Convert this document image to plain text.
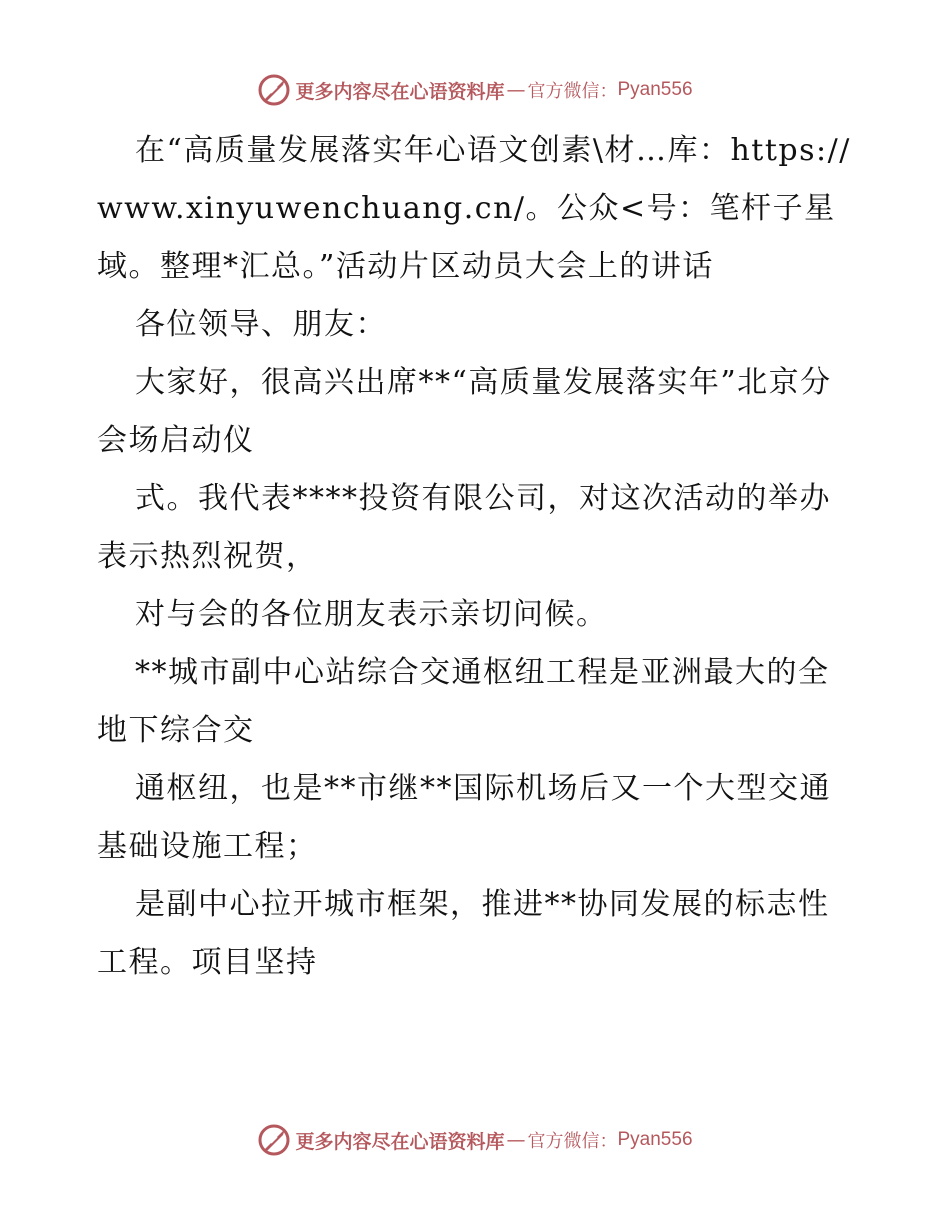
更多内容尽在心语资料库 — 官方微信： Pyan556

在“高质量发展落实年心语文创素\材…库：https://www.xinyuwenchuang.cn/。公众<号：笔杆子星域。整理*汇总。”活动片区动员大会上的讲话

各位领导、朋友：

大家好，很高兴出席**“高质量发展落实年”北京分会场启动仪

式。我代表****投资有限公司，对这次活动的举办表示热烈祝贺，

对与会的各位朋友表示亲切问候。

**城市副中心站综合交通枢纽工程是亚洲最大的全地下综合交

通枢纽，也是**市继**国际机场后又一个大型交通基础设施工程；

是副中心拉开城市框架，推进**协同发展的标志性工程。项目坚持

更多内容尽在心语资料库 — 官方微信： Pyan556
